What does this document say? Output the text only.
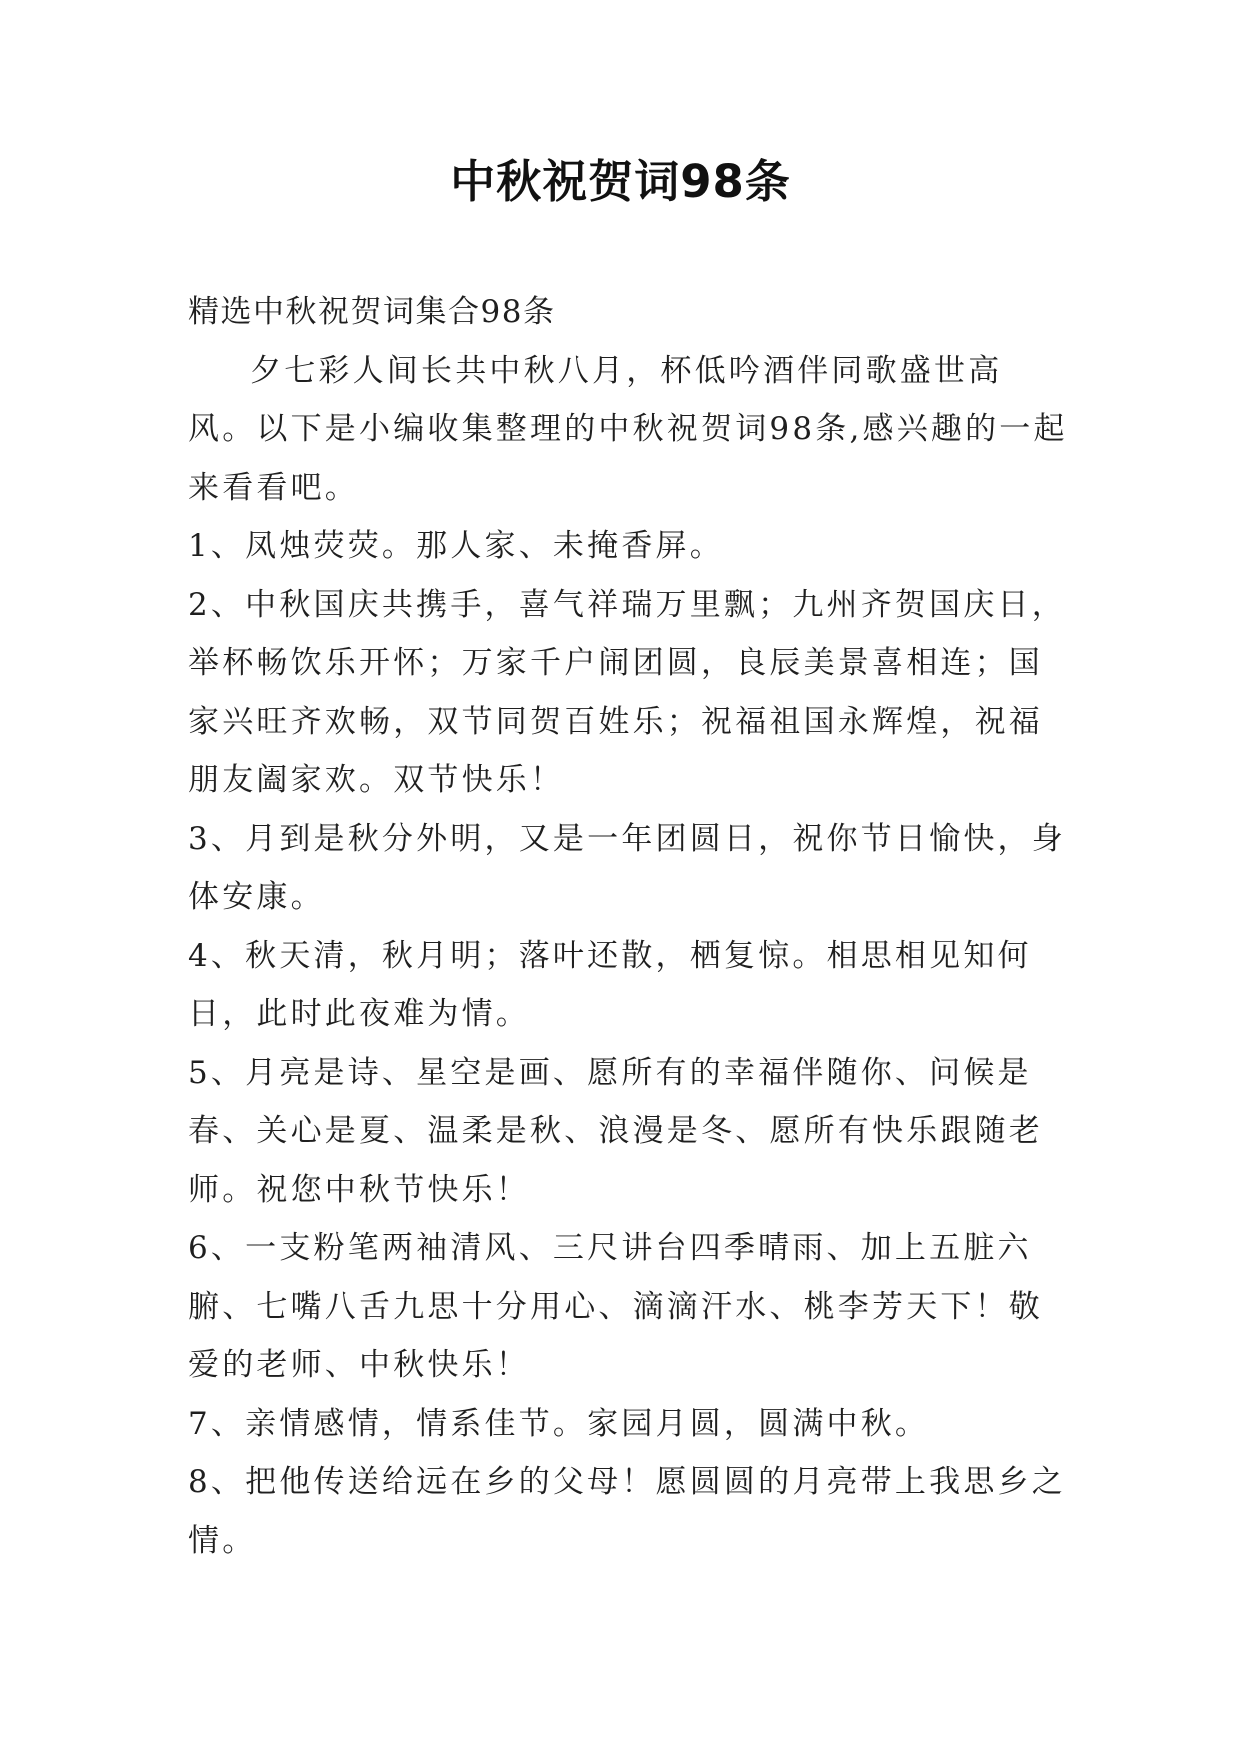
中秋祝贺词98条

精选中秋祝贺词集合98条

夕七彩人间长共中秋八月，杯低吟酒伴同歌盛世高风。以下是小编收集整理的中秋祝贺词98条,感兴趣的一起来看看吧。

1、凤烛荧荧。那人家、未掩香屏。

2、中秋国庆共携手，喜气祥瑞万里飘；九州齐贺国庆日，举杯畅饮乐开怀；万家千户闹团圆，良辰美景喜相连；国家兴旺齐欢畅，双节同贺百姓乐；祝福祖国永辉煌，祝福朋友阖家欢。双节快乐！

3、月到是秋分外明，又是一年团圆日，祝你节日愉快，身体安康。

4、秋天清，秋月明；落叶还散，栖复惊。相思相见知何日，此时此夜难为情。

5、月亮是诗、星空是画、愿所有的幸福伴随你、问候是春、关心是夏、温柔是秋、浪漫是冬、愿所有快乐跟随老师。祝您中秋节快乐！

6、一支粉笔两袖清风、三尺讲台四季晴雨、加上五脏六腑、七嘴八舌九思十分用心、滴滴汗水、桃李芳天下！敬爱的老师、中秋快乐！

7、亲情感情，情系佳节。家园月圆，圆满中秋。

8、把他传送给远在乡的父母！愿圆圆的月亮带上我思乡之情。
